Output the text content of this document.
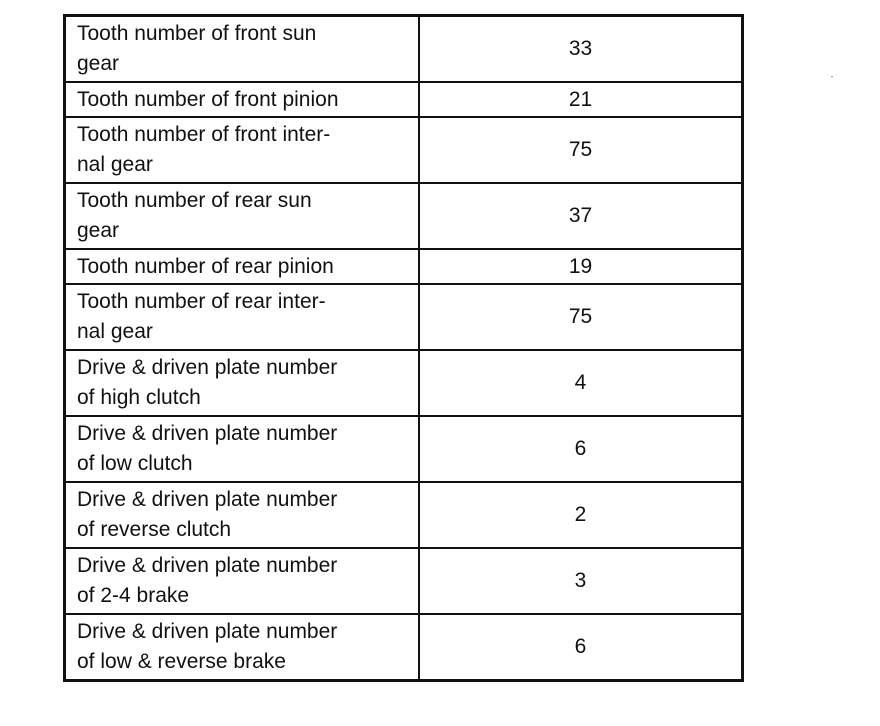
Tooth number of front sun
gear	33
Tooth number of front pinion	21
Tooth number of front inter-
nal gear	75
Tooth number of rear sun
gear	37
Tooth number of rear pinion	19
Tooth number of rear inter-
nal gear	75
Drive & driven plate number
of high clutch	4
Drive & driven plate number
of low clutch	6
Drive & driven plate number
of reverse clutch	2
Drive & driven plate number
of 2-4 brake	3
Drive & driven plate number
of low & reverse brake	6
